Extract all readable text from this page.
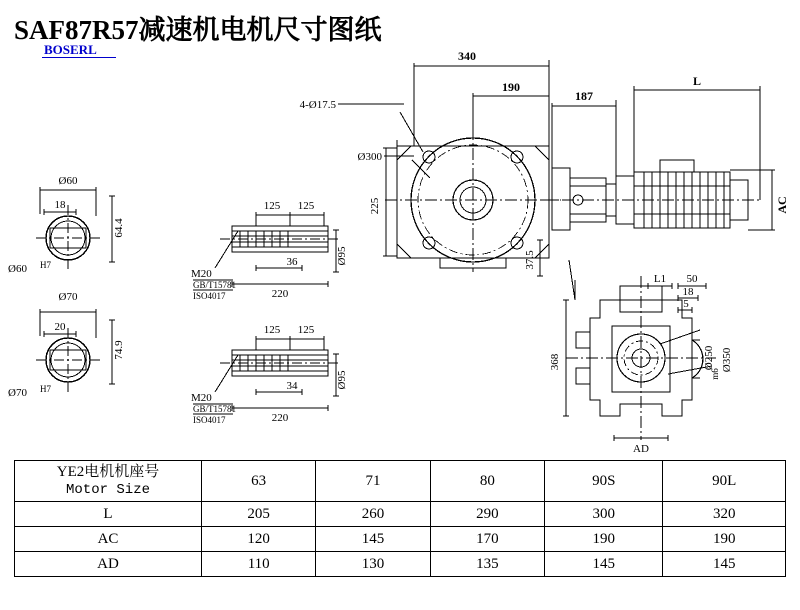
SAF87R57减速机电机尺寸图纸
BOSERL	340
190
187
L
AC
4-Ø17.5
Ø300
225
37.5
Ø60
64.4
18
Ø60 H7
Ø70
74.9
20
Ø70 H7
125 125
36
220
Ø95
M20
GB/T15781
ISO4017
125 125
34
220
Ø95
M20
GB/T15781
ISO4017
L1 50
18
5
368	Ø250
m6
Ø350
AD
YE2电机机座号
Motor Size	63	71	80	90S	90L
L	205	260	290	300	320
AC	120	145	170	190	190
AD	110	130	135	145	145
